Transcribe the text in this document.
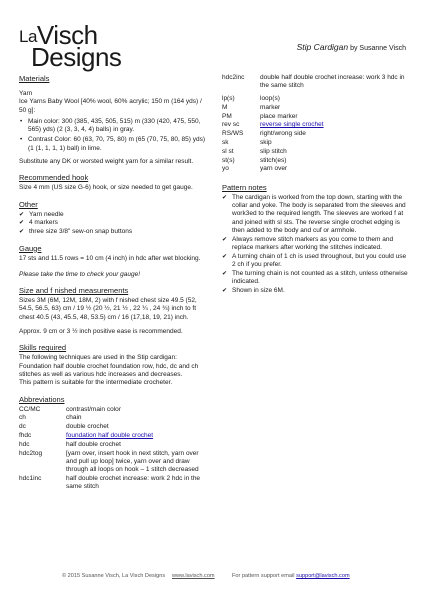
LaVisch
Designs	Stip Cardigan by Susanne Visch
Materials

Yarn

Ice Yarns Baby Wool [40% wool, 60% acrylic; 150 m (164 yds) / 50 g]:

• Main color: 300 (385, 435, 505, 515) m (330 (420, 475, 550, 565) yds) (2 (3, 3, 4, 4) balls) in gray.
• Contrast Color: 60 (63, 70, 75, 80) m (65 (70, 75, 80, 85) yds) (1 (1, 1, 1, 1) ball) in lime.

Substitute any DK or worsted weight yarn for a similar result.

Recommended hook

Size 4 mm (US size G-6) hook, or size needed to get gauge.

Other
✔ Yarn needle
✔ 4 markers
✔ three size 3/8" sew-on snap buttons
Gauge

17 sts and 11.5 rows = 10 cm (4 inch) in hdc after wet blocking.

Please take the time to check your gauge!

Size and f nished measurements

Sizes 3M (6M, 12M, 18M, 2) with f nished chest size 49.5 (52, 54.5, 56.5, 63) cm / 19 ½ (20 ½, 21 ½ , 22 ¼ , 24 ¾) inch to ft chest 40.5 (43, 45.5, 48, 53.5) cm / 16 (17,18, 19, 21) inch.

Approx. 9 cm or 3 ½ inch positive ease is recommended.

Skills required

The following techniques are used in the Stip cardigan: Foundation half double crochet foundation row, hdc, dc and ch stitches as well as various hdc increases and decreases.

This pattern is suitable for the intermediate crocheter.

Abbreviations
CC/MC	contrast/main color
ch	chain
dc	double crochet
fhdc	foundation half double crochet
hdc	half double crochet
hdc2tog	[yarn over, insert hook in next stitch, yarn over and pull up loop] twice, yarn over and draw through all loops on hook – 1 stitch decreased
hdc1inc	half double crochet increase: work 2 hdc in the same stitch
hdc2inc	double half double crochet increase: work 3 hdc in the same stitch
lp(s)	loop(s)
M	marker
PM	place marker
rev sc	reverse single crochet
RS/WS	right/wrong side
sk	skip
sl st	slip stitch
st(s)	stitch(es)
yo	yarn over
Pattern notes
✔ The cardigan is worked from the top down, starting with the collar and yoke. The body is separated from the sleeves and work3ed to the required length. The sleeves are worked f at and joined with sl sts. The reverse single crochet edging is then added to the body and cuf or armhole.
✔ Always remove stitch markers as you come to them and replace markers after working the stitches indicated.
✔ A turning chain of 1 ch is used throughout, but you could use 2 ch if you prefer.
✔ The turning chain is not counted as a stitch, unless otherwise indicated.
✔ Shown in size 6M.
© 2015 Susanne Visch, La Visch Designs www.lavisch.com	For pattern support email support@lavisch.com
